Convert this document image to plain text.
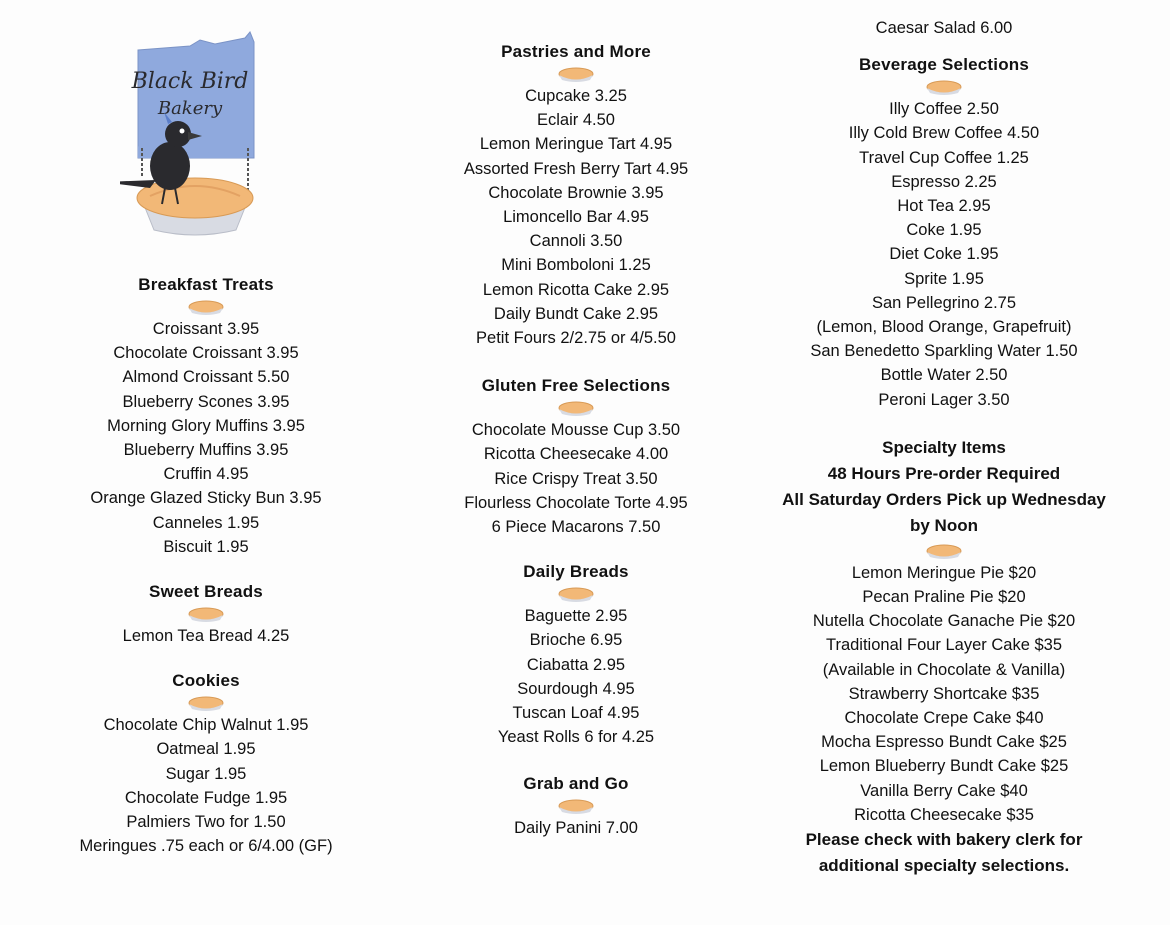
Black Bird
Bakery

Breakfast Treats

Croissant 3.95

Chocolate Croissant 3.95

Almond Croissant 5.50

Blueberry Scones 3.95

Morning Glory Muffins 3.95

Blueberry Muffins 3.95

Cruffin 4.95

Orange Glazed Sticky Bun 3.95

Canneles 1.95

Biscuit 1.95

Sweet Breads

Lemon Tea Bread 4.25

Cookies

Chocolate Chip Walnut 1.95

Oatmeal 1.95

Sugar 1.95

Chocolate Fudge 1.95

Palmiers Two for 1.50

Meringues .75 each or 6/4.00 (GF)

Pastries and More

Cupcake 3.25

Eclair 4.50

Lemon Meringue Tart 4.95

Assorted Fresh Berry Tart 4.95

Chocolate Brownie 3.95

Limoncello Bar 4.95

Cannoli 3.50

Mini Bomboloni 1.25

Lemon Ricotta Cake 2.95

Daily Bundt Cake 2.95

Petit Fours 2/2.75 or 4/5.50

Gluten Free Selections

Chocolate Mousse Cup 3.50

Ricotta Cheesecake 4.00

Rice Crispy Treat 3.50

Flourless Chocolate Torte 4.95

6 Piece Macarons 7.50

Daily Breads

Baguette 2.95

Brioche 6.95

Ciabatta 2.95

Sourdough 4.95

Tuscan Loaf 4.95

Yeast Rolls 6 for 4.25

Grab and Go

Daily Panini 7.00

Caesar Salad 6.00

Beverage Selections

Illy Coffee 2.50

Illy Cold Brew Coffee 4.50

Travel Cup Coffee 1.25

Espresso 2.25

Hot Tea 2.95

Coke 1.95

Diet Coke 1.95

Sprite 1.95

San Pellegrino 2.75

(Lemon, Blood Orange, Grapefruit)

San Benedetto Sparkling Water 1.50

Bottle Water 2.50

Peroni Lager 3.50

Specialty Items

48 Hours Pre-order Required

All Saturday Orders Pick up Wednesday

by Noon

Lemon Meringue Pie $20

Pecan Praline Pie $20

Nutella Chocolate Ganache Pie $20

Traditional Four Layer Cake $35

(Available in Chocolate & Vanilla)

Strawberry Shortcake $35

Chocolate Crepe Cake $40

Mocha Espresso Bundt Cake $25

Lemon Blueberry Bundt Cake $25

Vanilla Berry Cake $40

Ricotta Cheesecake $35

Please check with bakery clerk for

additional specialty selections.
